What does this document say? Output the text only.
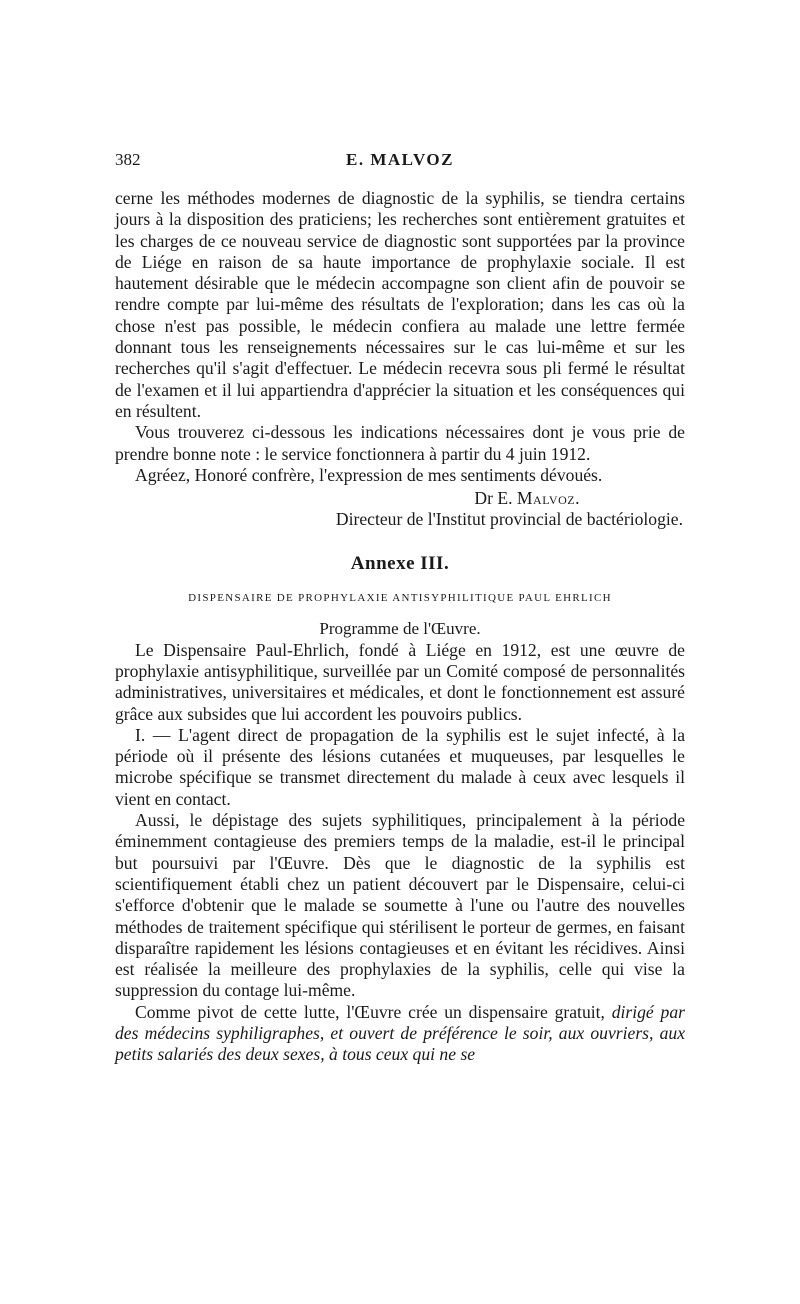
382	E. MALVOZ

cerne les méthodes modernes de diagnostic de la syphilis, se tiendra certains jours à la disposition des praticiens; les recherches sont entièrement gratuites et les charges de ce nouveau service de diagnostic sont supportées par la province de Liége en raison de sa haute importance de prophylaxie sociale. Il est hautement désirable que le médecin accompagne son client afin de pouvoir se rendre compte par lui-même des résultats de l'exploration; dans les cas où la chose n'est pas possible, le médecin confiera au malade une lettre fermée donnant tous les renseignements nécessaires sur le cas lui-même et sur les recherches qu'il s'agit d'effectuer. Le médecin recevra sous pli fermé le résultat de l'examen et il lui appartiendra d'apprécier la situation et les conséquences qui en résultent.

Vous trouverez ci-dessous les indications nécessaires dont je vous prie de prendre bonne note : le service fonctionnera à partir du 4 juin 1912.

Agréez, Honoré confrère, l'expression de mes sentiments dévoués.

Dr E. Malvoz.
Directeur de l'Institut provincial de bactériologie.
Annexe III.
DISPENSAIRE DE PROPHYLAXIE ANTISYPHILITIQUE PAUL EHRLICH
Programme de l'Œuvre.

Le Dispensaire Paul-Ehrlich, fondé à Liége en 1912, est une œuvre de prophylaxie antisyphilitique, surveillée par un Comité composé de personnalités administratives, universitaires et médicales, et dont le fonctionnement est assuré grâce aux subsides que lui accordent les pouvoirs publics.

I. — L'agent direct de propagation de la syphilis est le sujet infecté, à la période où il présente des lésions cutanées et muqueuses, par lesquelles le microbe spécifique se transmet directement du malade à ceux avec lesquels il vient en contact.

Aussi, le dépistage des sujets syphilitiques, principalement à la période éminemment contagieuse des premiers temps de la maladie, est-il le principal but poursuivi par l'Œuvre. Dès que le diagnostic de la syphilis est scientifiquement établi chez un patient découvert par le Dispensaire, celui-ci s'efforce d'obtenir que le malade se soumette à l'une ou l'autre des nouvelles méthodes de traitement spécifique qui stérilisent le porteur de germes, en faisant disparaître rapidement les lésions contagieuses et en évitant les récidives. Ainsi est réalisée la meilleure des prophylaxies de la syphilis, celle qui vise la suppression du contage lui-même.

Comme pivot de cette lutte, l'Œuvre crée un dispensaire gratuit, dirigé par des médecins syphiligraphes, et ouvert de préférence le soir, aux ouvriers, aux petits salariés des deux sexes, à tous ceux qui ne se
